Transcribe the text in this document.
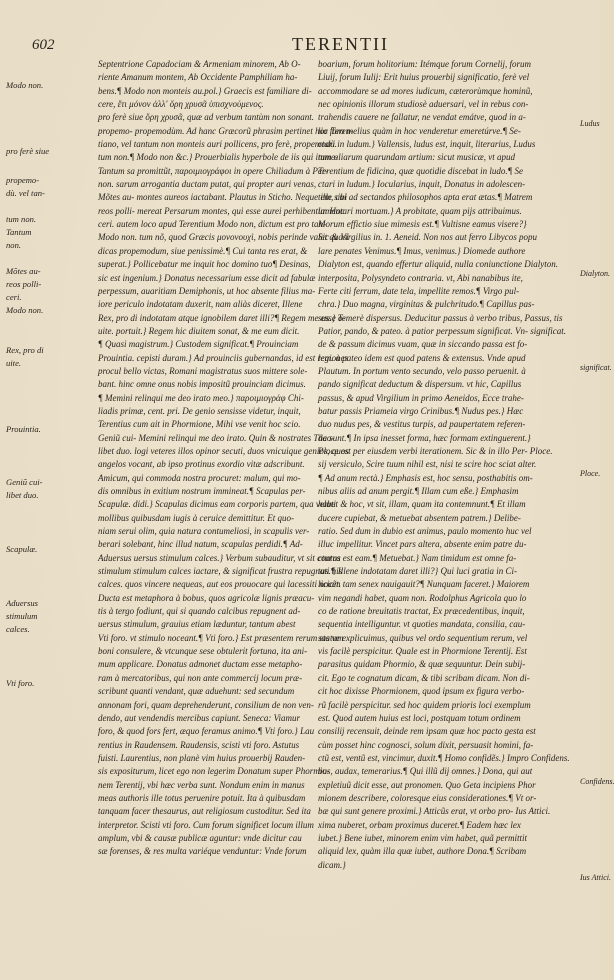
602	TERENTII
Modo non.
pro ferè siue
propemo-
dù. vel tan-
tum non.
Tantum
non.
Mõtes au-
reos polli-
ceri.
Modo non.
Rex, pro di
uite.
Prouintia.
Geniũ cui-
libet duo.
Scapulæ.
Aduersus
stimulum
calces.
Vti foro.
Septentrione Capadociam & Armeniam minorem, Ab O-
riente Amanum montem, Ab Occidente Pamphiliam ha-
bens.¶ Modo non monteis au.pol.} Graecis est familiare di-
cere, ἔτι μόνον ἀλλ' ὅρη χρυσᾶ ὑπισχνούμενος.
pro ferè siue ὄρη χρυσᾶ, quæ ad verbum tantùm non sonant.
propemo- propemodùm. Ad hanc Græcorũ phrasim pertinet hoc Teren-
tiano, vel tantum non monteis auri pollicens, pro ferè, propemodù.
tum non.¶ Modo non &c.} Prouerbialis hyperbole de iis qui imme-
Tantum sa promittũt, παροιμιογράφοι in opere Chiliadum à Per-
non. sarum arrogantia ductam putat, qui propter auri venas,
Mõtes au- montes aureos iactabant. Plautus in Sticho. Neque ille sibi
reos polli- mereat Persarum montes, qui esse aurei perhibentur. Hoc
ceri. autem loco apud Terentium Modo non, dictum est pro tan-
Modo non. tum nõ, quod Græcis μονονουχὶ, nobis perinde valet quasi
dicas propemodum, siue penissimè.¶ Cui tanta res erat, &
superat.} Pollicebatur me inquit hoc domino tuo¶ Desinas,
sic est ingenium.} Donatus necessarium esse dicit ad fabulæ
perpessum, auaritiam Demiphonis, ut hoc absente filius ma-
iore periculo indotatam duxerit, nam aliàs diceret, Illene
Rex, pro di indotatam atque ignobilem daret illi?¶ Regem me esse o-
uite. portuit.} Regem hic diuitem sonat, & me eum dicit.
¶ Quasi magistrum.} Custodem significat.¶ Prouinciam
Prouintia. cepisti duram.} Ad prouinciis gubernandas, id est regiones
procul bello victas, Romani magistratus suos mittere sole-
bant. hinc omne onus nobis impositũ prouinciam dicimus.
¶ Memini relinqui me deo irato meo.} παροιμιογράφ Chi-
liadis primæ, cent. pri. De genio sensisse videtur, inquit,
Terentius cum ait in Phormione, Mihi vse venit hoc scio.
Geniũ cui- Memini relinqui me deo irato. Quin & nostrates Theo-
libet duo. logi veteres illos opinor secuti, duos vnicuique genios, quos
angelos vocant, ab ipso protinus exordio vitæ adscribunt.
Amicum, qui commoda nostra procuret: malum, qui mo-
dis omnibus in exitium nostrum immineat.¶ Scapulas per-
Scapulæ. didi.} Scapulas dicimus eam corporis partem, qua veluti
mollibus quibusdam iugis à ceruice demittitur. Et quo-
niam serui olim, quia natura contumeliosi, in scapulis ver-
berari solebant, hinc illud natum, scapulas perdidi.¶ Ad-
Aduersus uersus stimulum calces.} Verbum subauditur, vt sit contra
stimulum stimulum calces iactare, & significat frustra repugnati his
calces. quos vincere nequeas, aut eos prouocare qui lacessiti nocẽt.
Ducta est metaphora à bobus, quos agricolæ lignis præacu-
tis à tergo fodiunt, qui si quando calcibus repugnent ad-
uersus stimulum, grauius etiam læduntur, tantum abest
Vti foro. vt stimulo noceant.¶ Vti foro.} Est præsentem rerum statum
boni consulere, & vtcunque sese obtulerit fortuna, ita ani-
mum applicare. Donatus admonet ductam esse metapho-
ram à mercatoribus, qui non ante commercij locum præ-
scribunt quanti vendant, quæ aduehunt: sed secundum
annonam fori, quam deprehenderunt, consilium de non ven-
dendo, aut vendendis mercibus capiunt. Seneca: Viamur
foro, & quod fors fert, æquo feramus animo.¶ Vti foro.} Lau
rentius in Raudensem. Raudensis, scisti vti foro. Astutus
fuisti. Laurentius, non planè vim huius prouerbij Rauden-
sis expositurum, licet ego non legerim Donatum super Phormio-
nem Terentij, vbi hæc verba sunt. Nondum enim in manus
meas authoris ille totus peruenire potuit. Ita à quibusdam
tanquam facer thesaurus, aut religiosum custoditur. Sed ita
interpretor. Scisti vti foro. Cum forum significet locum illum
amplum, vbi & causæ publicæ aguntur: vnde dicitur cau
sæ forenses, & res multa variéque venduntur: Vnde forum
boarium, forum holitorium: Itémque forum Cornelij, forum
Liuij, forum Iulij: Erit huius prouerbij significatio, ferè vel
accommodare se ad mores iudicum, cæterorùmque hominũ,
nec opinionis illorum studiosè aduersari, vel in rebus con-
trahendis cauere ne fallatur, ne vendat emátve, quod in a-
lio foro melius quàm in hoc venderetur emeretúrve.¶ Se-
ctari in ludum.} Vallensis, ludus est, inquit, literarius, Ludus
tum aliarum quarundam artium: sicut musicæ, vt apud
Terentium de fidicina, quæ quotidie discebat in ludo.¶ Se
ctari in ludum.} Iocularius, inquit, Donatus in adolescen-
tem, cui ad sectandos philosophos apta erat ætas.¶ Matrem
lamentari mortuam.} A probitate, quam pijs attribuimus.
Morum effictio siue mimesis est.¶ Vultisne eamus visere?}
Sic & Virgilius in. 1. Aeneid. Non nos aut ferro Libycos popu
lare penates Venimus.¶ Imus, venimus.} Diomede authore
Dialyton est, quando effertur aliquid, nulla coniunctione Dialyton.
interposita, Polysyndeto contraria. vt, Abi nanabibus ite,
Ferte citi ferrum, date tela, impellite remos.¶ Virgo pul-
chra.} Duo magna, virginitas & pulchritudo.¶ Capillus pas-
sus.} Temerè dispersus. Deducitur passus à verbo tribus, Passus, tis
Patior, pando, & pateo. à patior perpessum significat. Vn- significat.
de & passum dicimus vuam, quæ in siccando passa est fo-
lem. à pateo idem est quod patens & extensus. Vnde apud
Plautum. In portum vento secundo, velo passo peruenit. à
pando significat deductum & dispersum. vt hic, Capillus
passus, & apud Virgilium in primo Aeneidos, Ecce trahe-
batur passis Priameia virgo Crinibus.¶ Nudus pes.} Hæc
duo nudus pes, & vestitus turpis, ad paupertatem referen-
da sunt.¶ In ipsa inesset forma, hæc formam extinguerent.}
Ploce est per eiusdem verbi iterationem. Sic & in illo Per- Ploce.
sij versiculo, Scire tuum nihil est, nisi te scire hoc sciat alter.
¶ Ad anum rectà.} Emphasis est, hoc sensu, posthabitis om-
nibus aliis ad anum pergit.¶ Illam cum eße.} Emphasim
habet & hoc, vt sit, illam, quam ita contemnunt.¶ Et illam
ducere cupiebat, & metuebat absentem patrem.} Delibe-
ratio. Sed dum in dubio est animus, paulo momento huc vel
illuc impellitur. Vincet pars altera, absente enim patre du-
cturus est eam.¶ Metuebat.} Nam timidum est omne fa-
tus.¶ Illene indotatam daret illi?} Qui luci gratia in Ci-
liciam tam senex nauigauit?¶ Nunquam faceret.} Maiorem
vim negandi habet, quam non. Rodolphus Agricola quo lo
co de ratione breuitatis tractat, Ex præcedentibus, inquit,
sequentia intelliguntur. vt quoties mandata, consilia, cau-
sas ve explicuimus, quibus vel ordo sequentium rerum, vel
vis facilè perspicitur. Quale est in Phormione Terentij. Est
parasitus quidam Phormio, & quæ sequuntur. Dein subij-
cit. Ego te cognatum dicam, & tibi scribam dicam. Non di-
cit hoc dixisse Phormionem, quod ipsum ex figura verbo-
rũ facilè perspicitur. sed hoc quidem prioris loci exemplum
est. Quod autem huius est loci, postquam totum ordinem
consilij recensuit, deinde rem ipsam quæ hoc pacto gesta est
cùm posset hinc cognosci, solum dixit, persuasit homini, fa-
ctũ est, ventũ est, vincimur, duxit.¶ Homo confidẽs.} Impro Confidens.
bus, audax, temerarius.¶ Qui illũ dij omnes.} Dona, qui aut
expletiuũ dicit esse, aut pronomen. Quo Geta incipiens Phor
mionem describere, coloresque eius considerationes.¶ Vt or-
bæ qui sunt genere proximi.} Atticũs erat, vt orbo pro- Ius Attici.
xima nuberet, orbam proximus duceret.¶ Eadem hæc lex
iubet.} Bene iubet, minorem enim vim habet, quã permittit
aliquid lex, quàm illa quæ iubet, authore Dona.¶ Scribam
dicam.}
Ludus
Dialyton.
significat.
Ploce.
Confidens.
Ius Attici.
